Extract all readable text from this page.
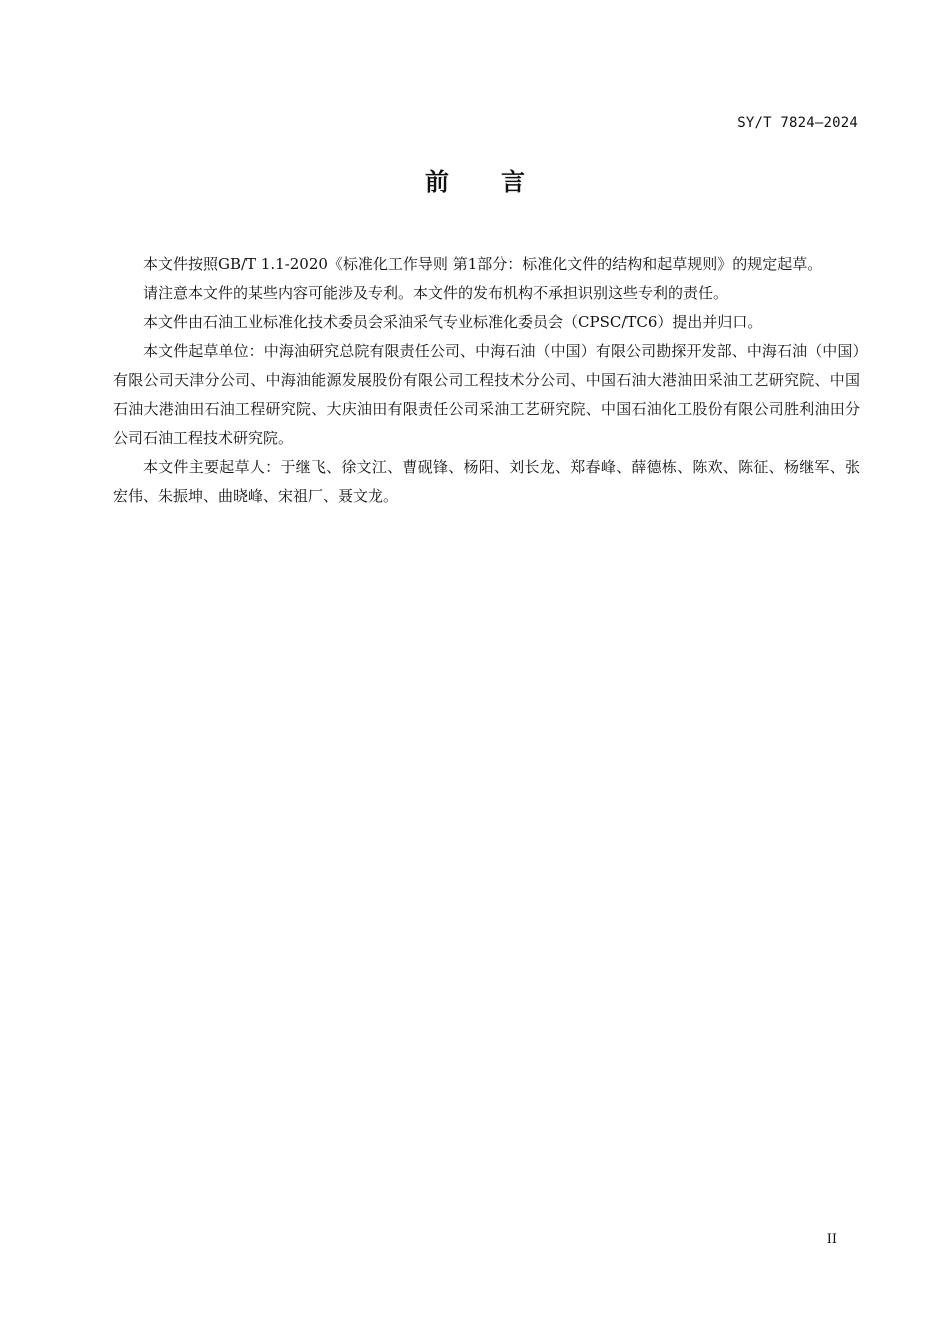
SY/T 7824—2024
前 言

本文件按照GB/T 1.1-2020《标准化工作导则 第1部分：标准化文件的结构和起草规则》的规定起草。

请注意本文件的某些内容可能涉及专利。本文件的发布机构不承担识别这些专利的责任。

本文件由石油工业标准化技术委员会采油采气专业标准化委员会（CPSC/TC6）提出并归口。

本文件起草单位：中海油研究总院有限责任公司、中海石油（中国）有限公司勘探开发部、中海石油（中国）有限公司天津分公司、中海油能源发展股份有限公司工程技术分公司、中国石油大港油田采油工艺研究院、中国石油大港油田石油工程研究院、大庆油田有限责任公司采油工艺研究院、中国石油化工股份有限公司胜利油田分公司石油工程技术研究院。

本文件主要起草人：于继飞、徐文江、曹砚锋、杨阳、刘长龙、郑春峰、薛德栋、陈欢、陈征、杨继军、张宏伟、朱振坤、曲晓峰、宋祖厂、聂文龙。

II
